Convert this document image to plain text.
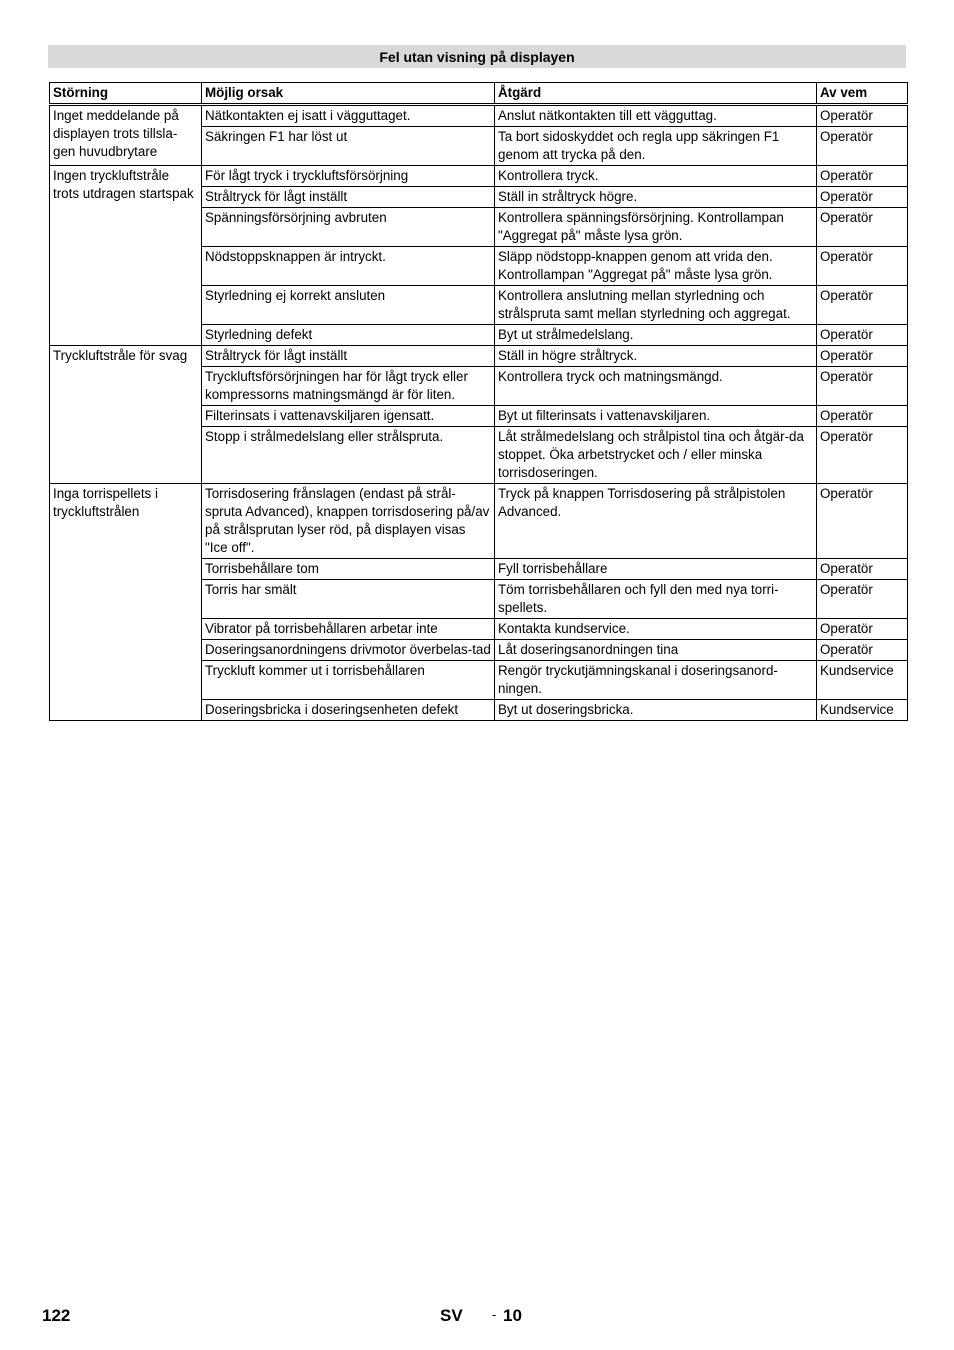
Fel utan visning på displayen
Störning	Möjlig orsak	Åtgärd	Av vem
Inget meddelande på displayen trots tillsla-gen huvudbrytare	Nätkontakten ej isatt i vägguttaget.	Anslut nätkontakten till ett vägguttag.	Operatör
	Säkringen F1 har löst ut	Ta bort sidoskyddet och regla upp säkringen F1 genom att trycka på den.	Operatör
Ingen tryckluftstråle trots utdragen startspak	För lågt tryck i tryckluftsförsörjning	Kontrollera tryck.	Operatör
	Stråltryck för lågt inställt	Ställ in stråltryck högre.	Operatör
	Spänningsförsörjning avbruten	Kontrollera spänningsförsörjning. Kontrollampan "Aggregat på" måste lysa grön.	Operatör
	Nödstoppsknappen är intryckt.	Släpp nödstopp-knappen genom att vrida den. Kontrollampan "Aggregat på" måste lysa grön.	Operatör
	Styrledning ej korrekt ansluten	Kontrollera anslutning mellan styrledning och strålspruta samt mellan styrledning och aggregat.	Operatör
	Styrledning defekt	Byt ut strålmedelslang.	Operatör
Tryckluftstråle för svag	Stråltryck för lågt inställt	Ställ in högre stråltryck.	Operatör
	Tryckluftsförsörjningen har för lågt tryck eller kompressorns matningsmängd är för liten.	Kontrollera tryck och matningsmängd.	Operatör
	Filterinsats i vattenavskiljaren igensatt.	Byt ut filterinsats i vattenavskiljaren.	Operatör
	Stopp i strålmedelslang eller strålspruta.	Låt strålmedelslang och strålpistol tina och åtgär-da stoppet. Öka arbetstrycket och / eller minska torrisdoseringen.	Operatör
Inga torrispellets i tryckluftstrålen	Torrisdosering frånslagen (endast på strål-spruta Advanced), knappen torrisdosering på/av på strålsprutan lyser röd, på displayen visas "Ice off".	Tryck på knappen Torrisdosering på strålpistolen Advanced.	Operatör
	Torrisbehållare tom	Fyll torrisbehållare	Operatör
	Torris har smält	Töm torrisbehållaren och fyll den med nya torri-spellets.	Operatör
	Vibrator på torrisbehållaren arbetar inte	Kontakta kundservice.	Operatör
	Doseringsanordningens drivmotor överbelas-tad	Låt doseringsanordningen tina	Operatör
	Tryckluft kommer ut i torrisbehållaren	Rengör tryckutjämningskanal i doseringsanord-ningen.	Kundservice
	Doseringsbricka i doseringsenheten defekt	Byt ut doseringsbricka.	Kundservice
122	SV - 10
